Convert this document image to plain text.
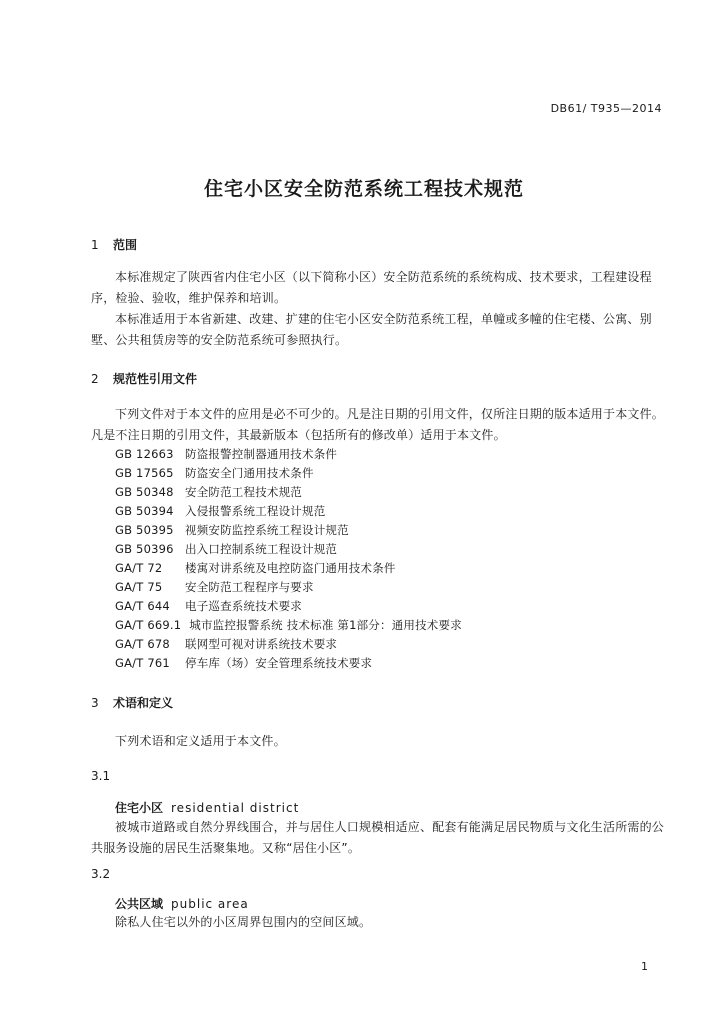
DB61/ T935—2014
住宅小区安全防范系统工程技术规范
1 范围
本标准规定了陕西省内住宅小区（以下简称小区）安全防范系统的系统构成、技术要求，工程建设程序，检验、验收，维护保养和培训。
本标准适用于本省新建、改建、扩建的住宅小区安全防范系统工程，单幢或多幢的住宅楼、公寓、别墅、公共租赁房等的安全防范系统可参照执行。
2 规范性引用文件
下列文件对于本文件的应用是必不可少的。凡是注日期的引用文件，仅所注日期的版本适用于本文件。凡是不注日期的引用文件，其最新版本（包括所有的修改单）适用于本文件。
GB 12663 防盗报警控制器通用技术条件
GB 17565 防盗安全门通用技术条件
GB 50348 安全防范工程技术规范
GB 50394 入侵报警系统工程设计规范
GB 50395 视频安防监控系统工程设计规范
GB 50396 出入口控制系统工程设计规范
GA/T 72 楼寓对讲系统及电控防盗门通用技术条件
GA/T 75 安全防范工程程序与要求
GA/T 644 电子巡查系统技术要求
GA/T 669.1 城市监控报警系统 技术标准 第1部分：通用技术要求
GA/T 678 联网型可视对讲系统技术要求
GA/T 761 停车库（场）安全管理系统技术要求
3 术语和定义
下列术语和定义适用于本文件。
3.1
住宅小区 residential district
被城市道路或自然分界线围合，并与居住人口规模相适应、配套有能满足居民物质与文化生活所需的公共服务设施的居民生活聚集地。又称“居住小区”。
3.2
公共区域 public area
除私人住宅以外的小区周界包围内的空间区域。
1
